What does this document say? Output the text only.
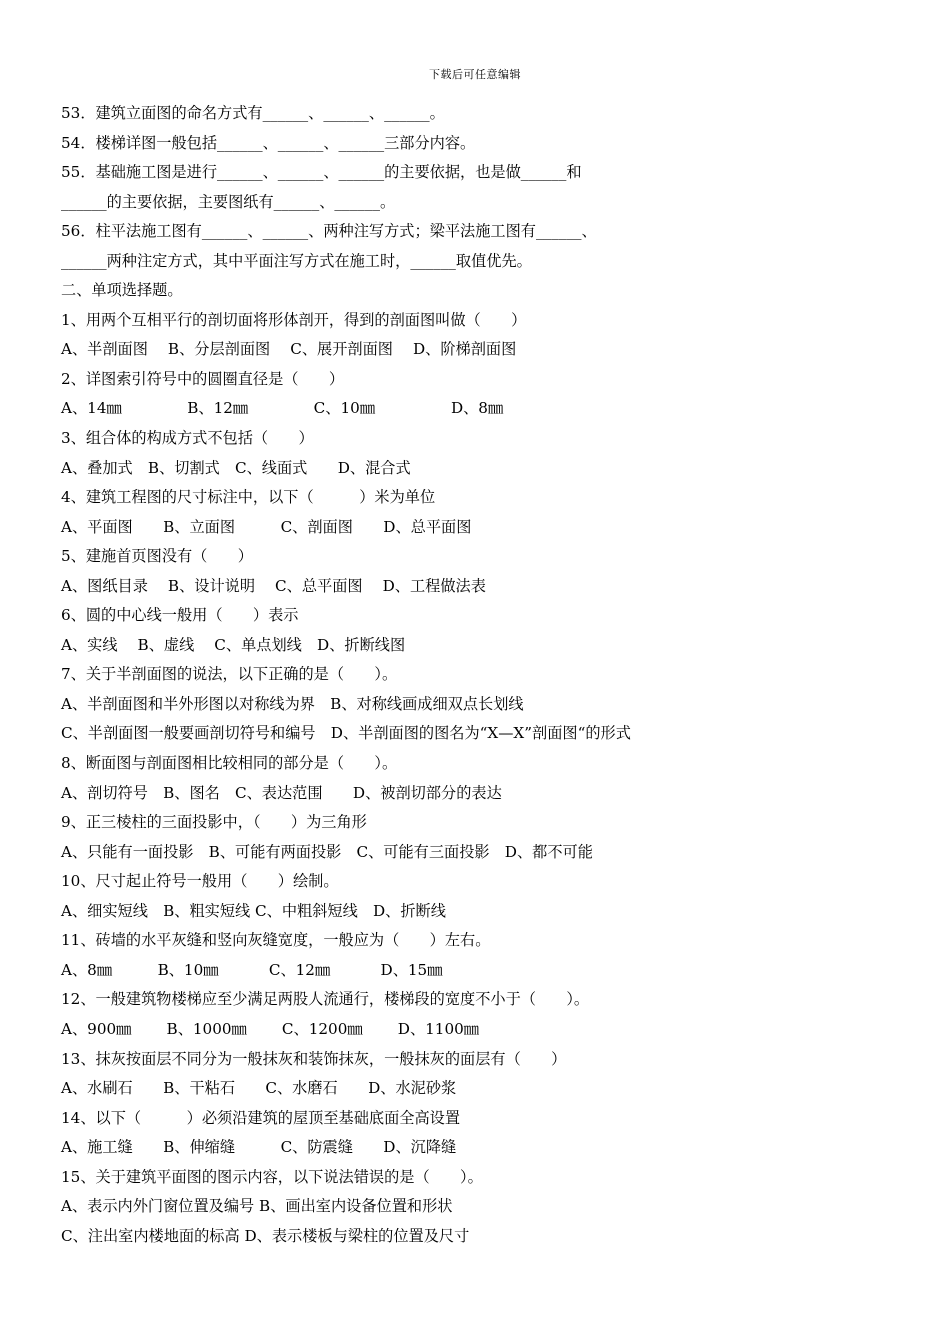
下载后可任意编辑
53．建筑立面图的命名方式有______、______、______。
54．楼梯详图一般包括______、______、______三部分内容。
55．基础施工图是进行______、______、______的主要依据，也是做______和
______的主要依据，主要图纸有______、______。
56．柱平法施工图有______、______、两种注写方式；梁平法施工图有______、
______两种注定方式，其中平面注写方式在施工时，______取值优先。
二、单项选择题。
1、用两个互相平行的剖切面将形体剖开，得到的剖面图叫做（　　）
A、半剖面图　 B、分层剖面图　 C、展开剖面图　 D、阶梯剖面图
2、详图索引符号中的圆圈直径是（　　）
A、14㎜　　　　 B、12㎜　　　　 C、10㎜　　　　　D、8㎜
3、组合体的构成方式不包括（　　）
A、叠加式　B、切割式　C、线面式　　D、混合式
4、建筑工程图的尺寸标注中，以下（　　　）米为单位
A、平面图　　B、立面图　　　C、剖面图　　D、总平面图
5、建施首页图没有（　　）
A、图纸目录　 B、设计说明　 C、总平面图　 D、工程做法表
6、圆的中心线一般用（　　）表示
A、实线　 B、虚线　 C、单点划线　D、折断线图
7、关于半剖面图的说法，以下正确的是（　　）。
A、半剖面图和半外形图以对称线为界　B、对称线画成细双点长划线
C、半剖面图一般要画剖切符号和编号　D、半剖面图的图名为“X—X”剖面图“的形式
8、断面图与剖面图相比较相同的部分是（　　）。
A、剖切符号　B、图名　C、表达范围　　D、被剖切部分的表达
9、正三棱柱的三面投影中，（　　）为三角形
A、只能有一面投影　B、可能有两面投影　C、可能有三面投影　D、都不可能
10、尺寸起止符号一般用（　　）绘制。
A、细实短线　B、粗实短线 C、中粗斜短线　D、折断线
11、砖墙的水平灰缝和竖向灰缝宽度，一般应为（　　）左右。
A、8㎜　　　B、10㎜　　　 C、12㎜　　　 D、15㎜
12、一般建筑物楼梯应至少满足两股人流通行，楼梯段的宽度不小于（　　）。
A、900㎜　　 B、1000㎜　　 C、1200㎜　　 D、1100㎜
13、抹灰按面层不同分为一般抹灰和装饰抹灰，一般抹灰的面层有（　　）
A、水刷石　　B、干粘石　　C、水磨石　　D、水泥砂浆
14、以下（　　　）必须沿建筑的屋顶至基础底面全高设置
A、施工缝　　B、伸缩缝　　　C、防震缝　　D、沉降缝
15、关于建筑平面图的图示内容，以下说法错误的是（　　）。
A、表示内外门窗位置及编号 B、画出室内设备位置和形状
C、注出室内楼地面的标高 D、表示楼板与梁柱的位置及尺寸
